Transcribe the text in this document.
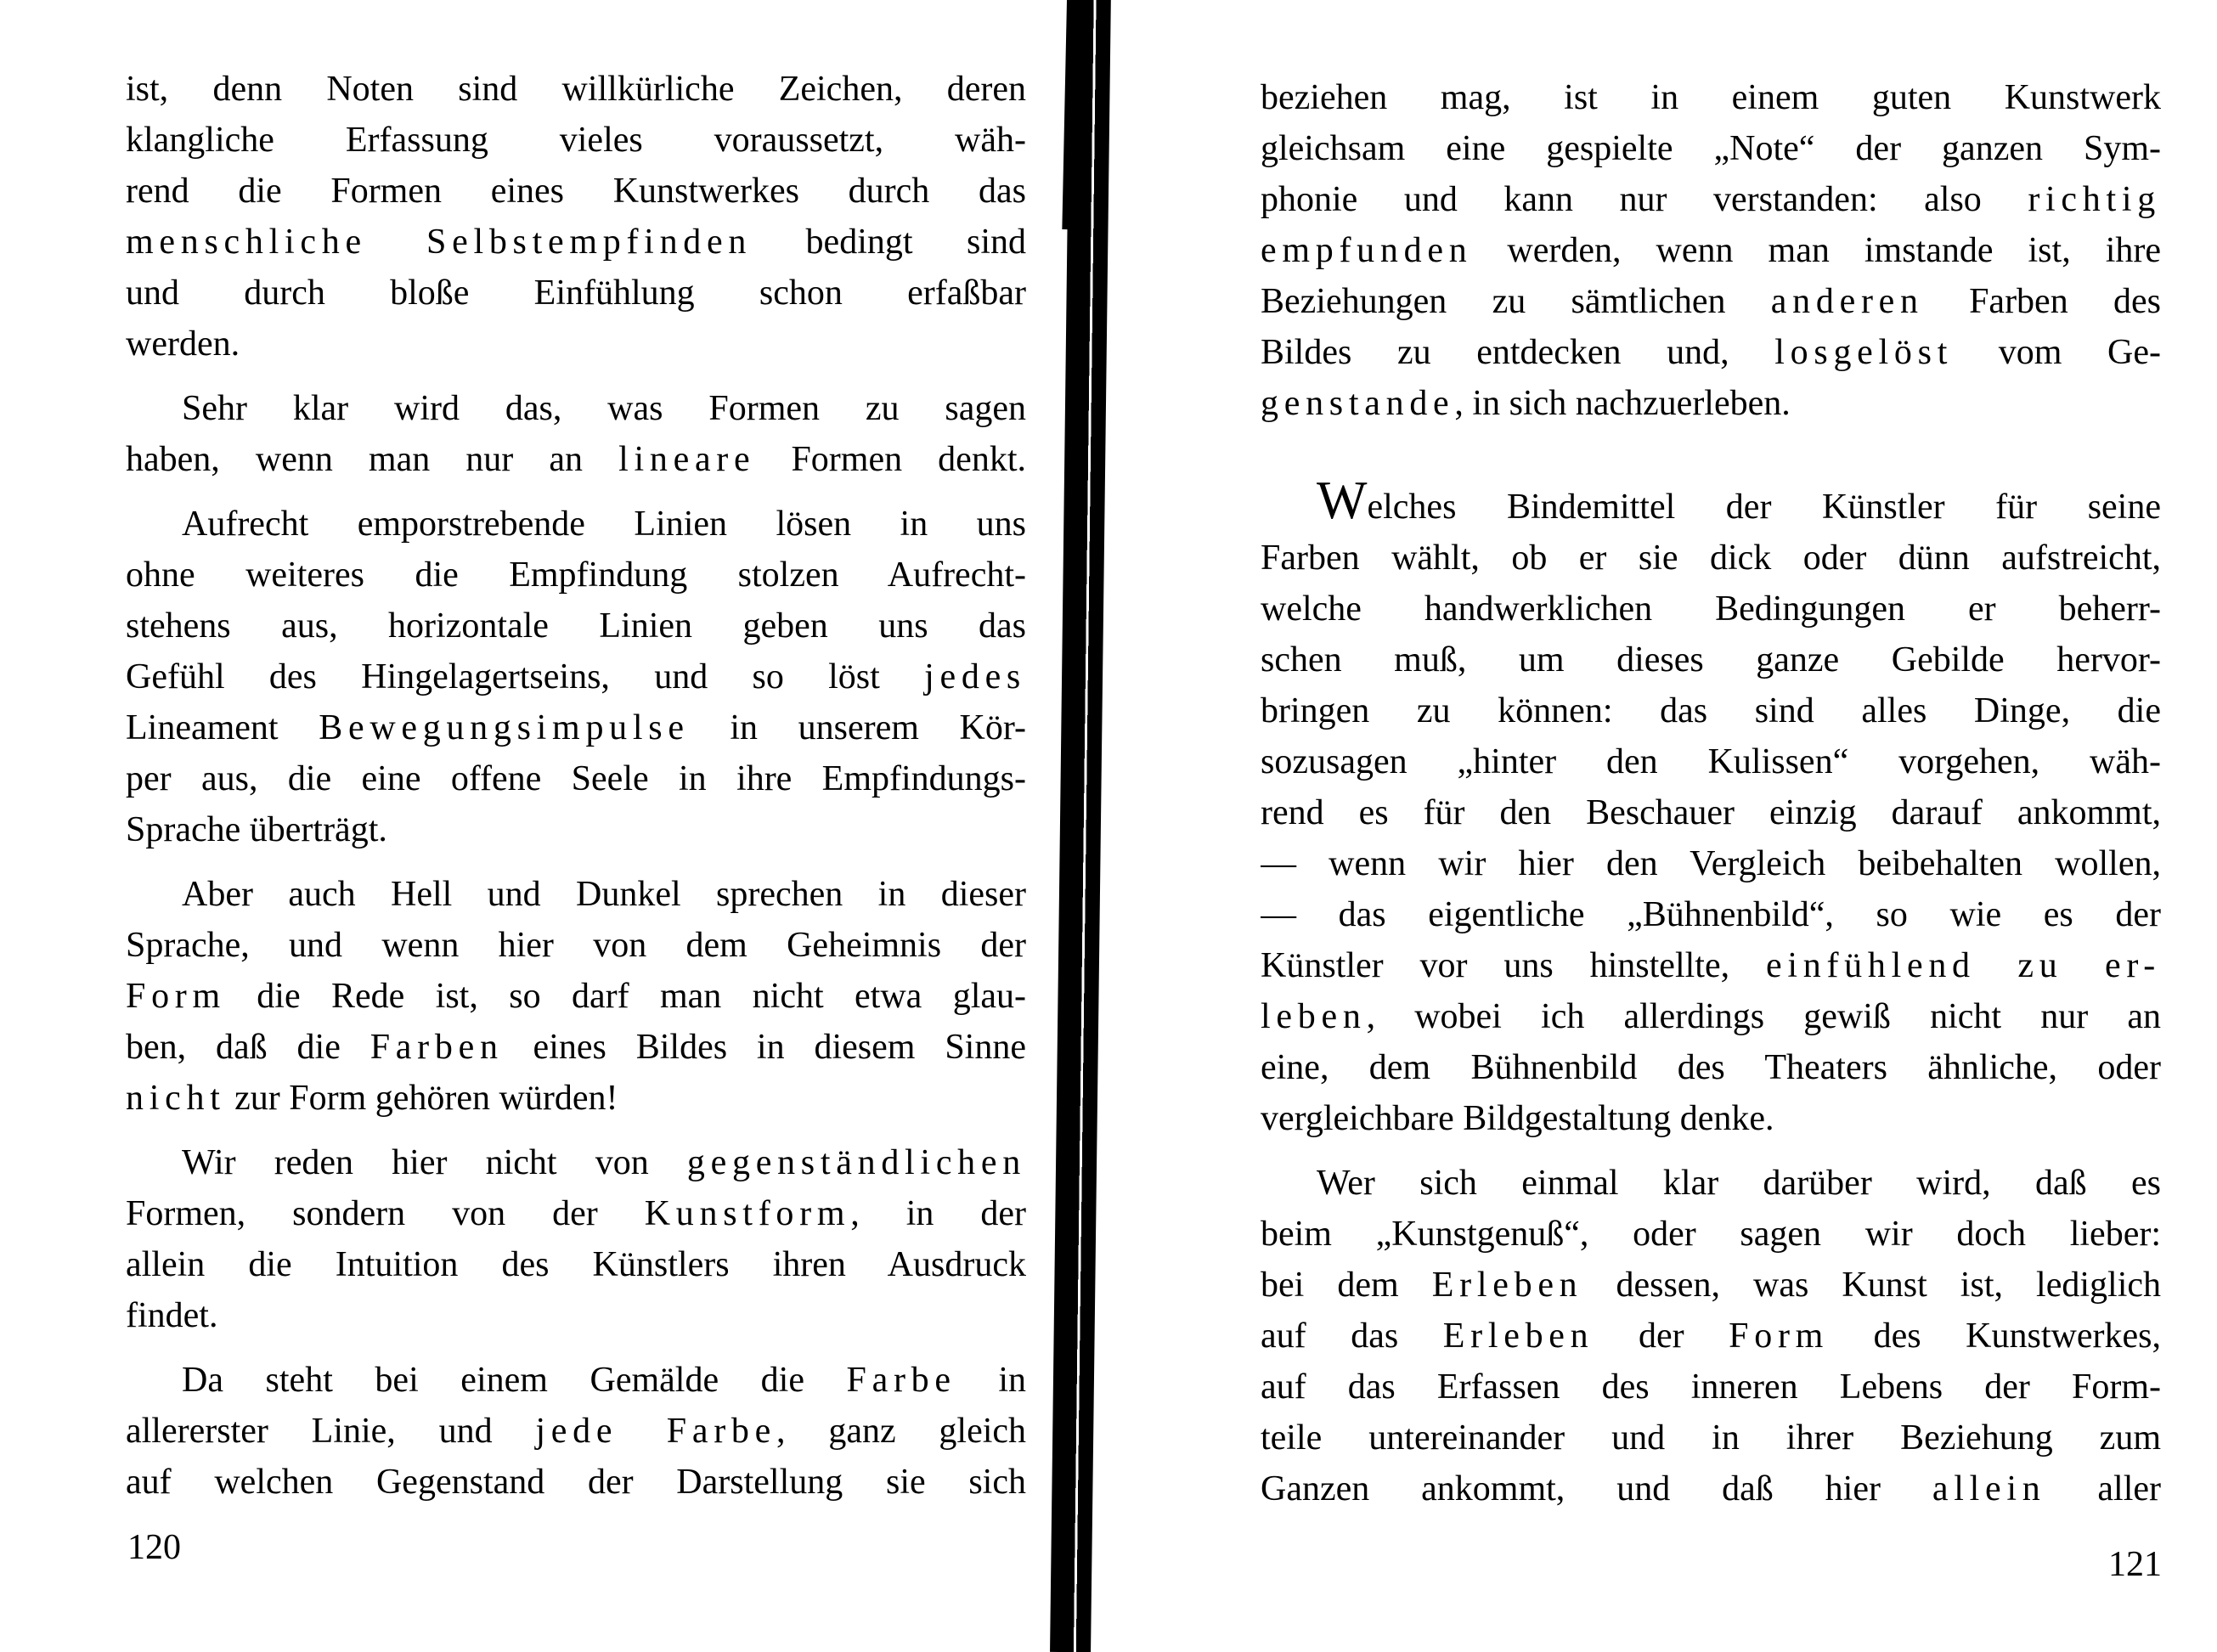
ist, denn Noten sind willkürliche Zeichen, deren
klangliche Erfassung vieles voraussetzt, wäh-
rend die Formen eines Kunstwerkes durch das
menschliche Selbstempfinden bedingt sind
und durch bloße Einfühlung schon erfaßbar
werden.
Sehr klar wird das, was Formen zu sagen
haben, wenn man nur an lineare Formen denkt.
Aufrecht emporstrebende Linien lösen in uns
ohne weiteres die Empfindung stolzen Aufrecht-
stehens aus, horizontale Linien geben uns das
Gefühl des Hingelagertseins, und so löst jedes
Lineament Bewegungsimpulse in unserem Kör-
per aus, die eine offene Seele in ihre Empfindungs-
Sprache überträgt.
Aber auch Hell und Dunkel sprechen in dieser
Sprache, und wenn hier von dem Geheimnis der
Form die Rede ist, so darf man nicht etwa glau-
ben, daß die Farben eines Bildes in diesem Sinne
nicht zur Form gehören würden!
Wir reden hier nicht von gegenständlichen
Formen, sondern von der Kunstform, in der
allein die Intuition des Künstlers ihren Ausdruck
findet.
Da steht bei einem Gemälde die Farbe in
allererster Linie, und jede Farbe, ganz gleich
auf welchen Gegenstand der Darstellung sie sich
beziehen mag, ist in einem guten Kunstwerk
gleichsam eine gespielte „Note“ der ganzen Sym-
phonie und kann nur verstanden: also richtig
empfunden werden, wenn man imstande ist, ihre
Beziehungen zu sämtlichen anderen Farben des
Bildes zu entdecken und, losgelöst vom Ge-
genstande, in sich nachzuerleben.
Welches Bindemittel der Künstler für seine
Farben wählt, ob er sie dick oder dünn aufstreicht,
welche handwerklichen Bedingungen er beherr-
schen muß, um dieses ganze Gebilde hervor-
bringen zu können: das sind alles Dinge, die
sozusagen „hinter den Kulissen“ vorgehen, wäh-
rend es für den Beschauer einzig darauf ankommt,
— wenn wir hier den Vergleich beibehalten wollen,
— das eigentliche „Bühnenbild“, so wie es der
Künstler vor uns hinstellte, einfühlend zu er-
leben, wobei ich allerdings gewiß nicht nur an
eine, dem Bühnenbild des Theaters ähnliche, oder
vergleichbare Bildgestaltung denke.
Wer sich einmal klar darüber wird, daß es
beim „Kunstgenuß“, oder sagen wir doch lieber:
bei dem Erleben dessen, was Kunst ist, lediglich
auf das Erleben der Form des Kunstwerkes,
auf das Erfassen des inneren Lebens der Form-
teile untereinander und in ihrer Beziehung zum
Ganzen ankommt, und daß hier allein aller
120	121
